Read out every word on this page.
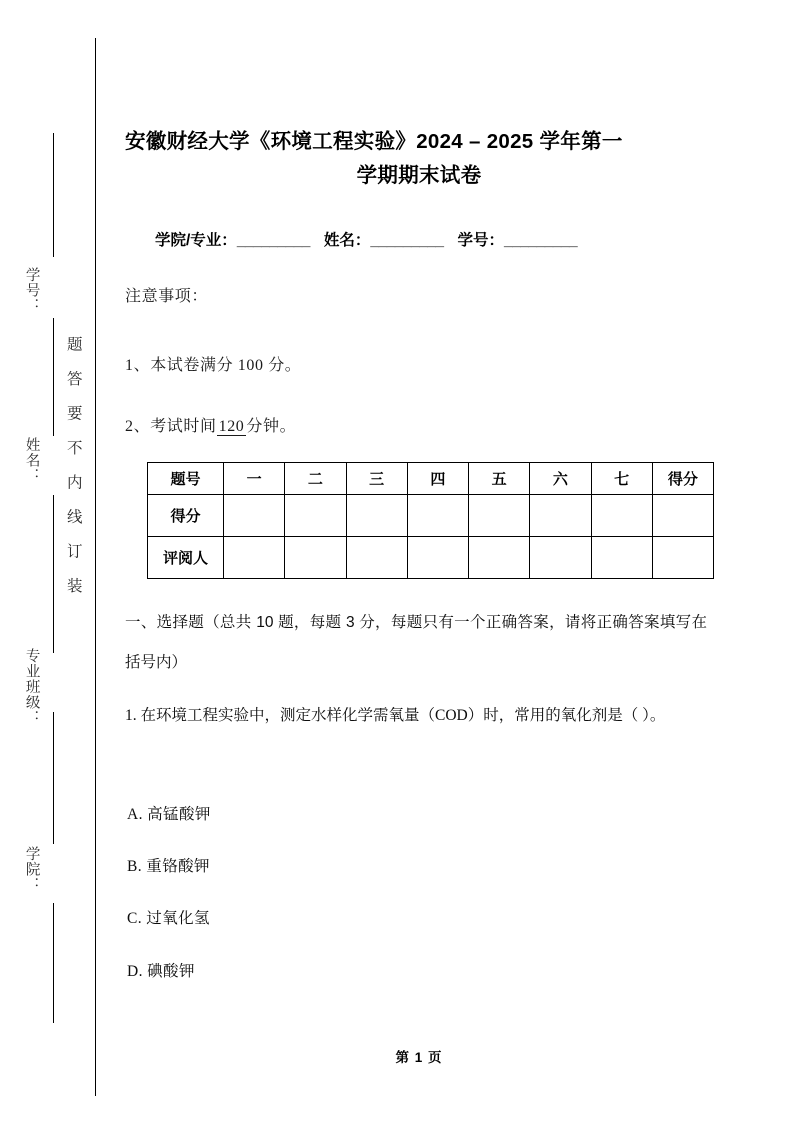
题 答 要 不 内 线 订 装
学号：
姓名：
专业班级：
学院：
安徽财经大学《环境工程实验》2024 – 2025 学年第一
学期期末试卷
学院/专业：_________ 姓名：_________ 学号：_________
注意事项：
1、本试卷满分 100 分。
2、考试时间 120 分钟。
题号	一	二	三	四	五	六	七	得分
得分								
评阅人								
一、选择题（总共 10 题，每题 3 分，每题只有一个正确答案，请将正确答案填写在括号内）
1. 在环境工程实验中，测定水样化学需氧量（COD）时，常用的氧化剂是（ ）。
A. 高锰酸钾
B. 重铬酸钾
C. 过氧化氢
D. 碘酸钾
第 1 页
